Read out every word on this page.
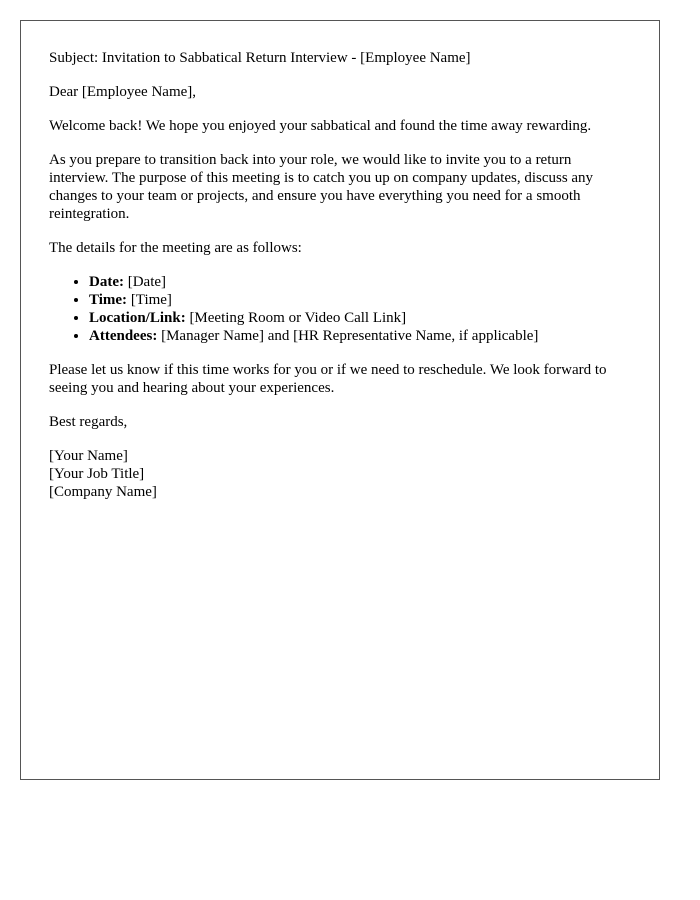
Subject: Invitation to Sabbatical Return Interview - [Employee Name]

Dear [Employee Name],

Welcome back! We hope you enjoyed your sabbatical and found the time away rewarding.

As you prepare to transition back into your role, we would like to invite you to a return interview. The purpose of this meeting is to catch you up on company updates, discuss any changes to your team or projects, and ensure you have everything you need for a smooth reintegration.

The details for the meeting are as follows:

• Date: [Date]
• Time: [Time]
• Location/Link: [Meeting Room or Video Call Link]
• Attendees: [Manager Name] and [HR Representative Name, if applicable]

Please let us know if this time works for you or if we need to reschedule. We look forward to seeing you and hearing about your experiences.

Best regards,

[Your Name]
[Your Job Title]
[Company Name]
